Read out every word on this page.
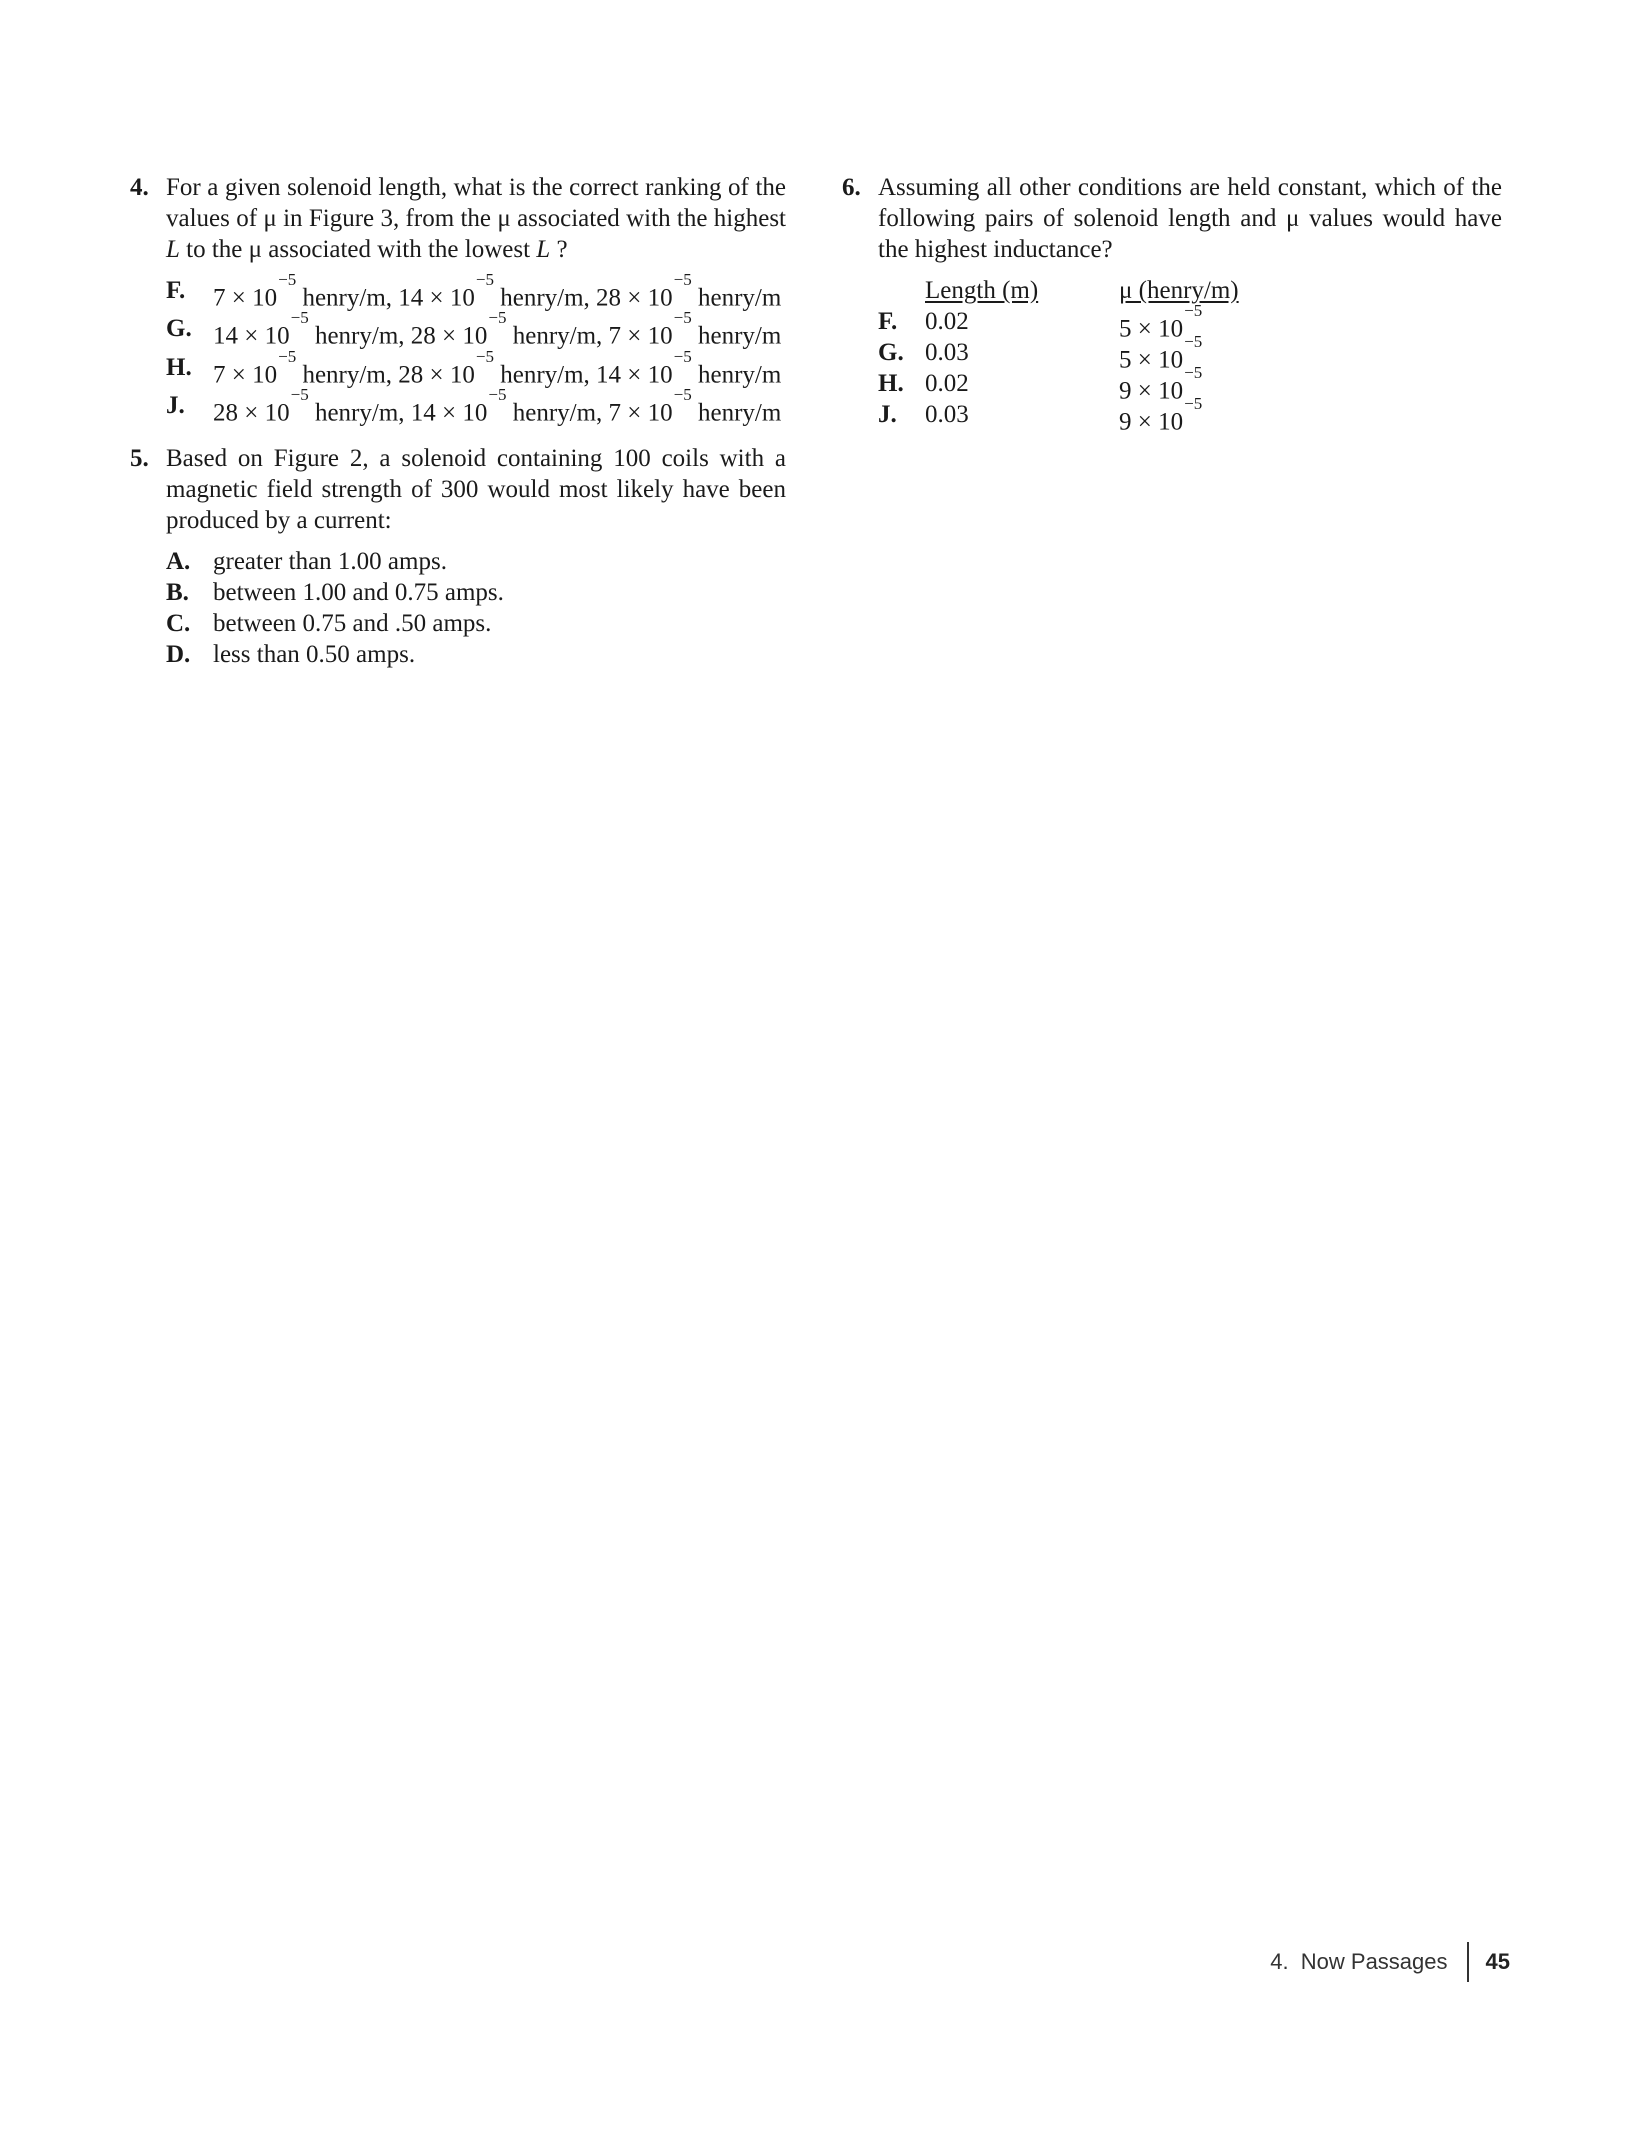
4. For a given solenoid length, what is the correct ranking of the values of μ in Figure 3, from the μ associated with the highest L to the μ associated with the lowest L ?
F. $7 \times 10^{-5}$ henry/m, $14 \times 10^{-5}$ henry/m, $28 \times 10^{-5}$ henry/m
G. $14 \times 10^{-5}$ henry/m, $28 \times 10^{-5}$ henry/m, $7 \times 10^{-5}$ henry/m
H. $7 \times 10^{-5}$ henry/m, $28 \times 10^{-5}$ henry/m, $14 \times 10^{-5}$ henry/m
J. $28 \times 10^{-5}$ henry/m, $14 \times 10^{-5}$ henry/m, $7 \times 10^{-5}$ henry/m
5. Based on Figure 2, a solenoid containing 100 coils with a magnetic field strength of 300 would most likely have been produced by a current:
A. greater than 1.00 amps.
B. between 1.00 and 0.75 amps.
C. between 0.75 and .50 amps.
D. less than 0.50 amps.
6. Assuming all other conditions are held constant, which of the following pairs of solenoid length and μ values would have the highest inductance?
Length (m)	μ (henry/m)
F. 0.02	$5 \times 10^{-5}$
G. 0.03	$5 \times 10^{-5}$
H. 0.02	$9 \times 10^{-5}$
J. 0.03	$9 \times 10^{-5}$
4.  Now Passages 45
